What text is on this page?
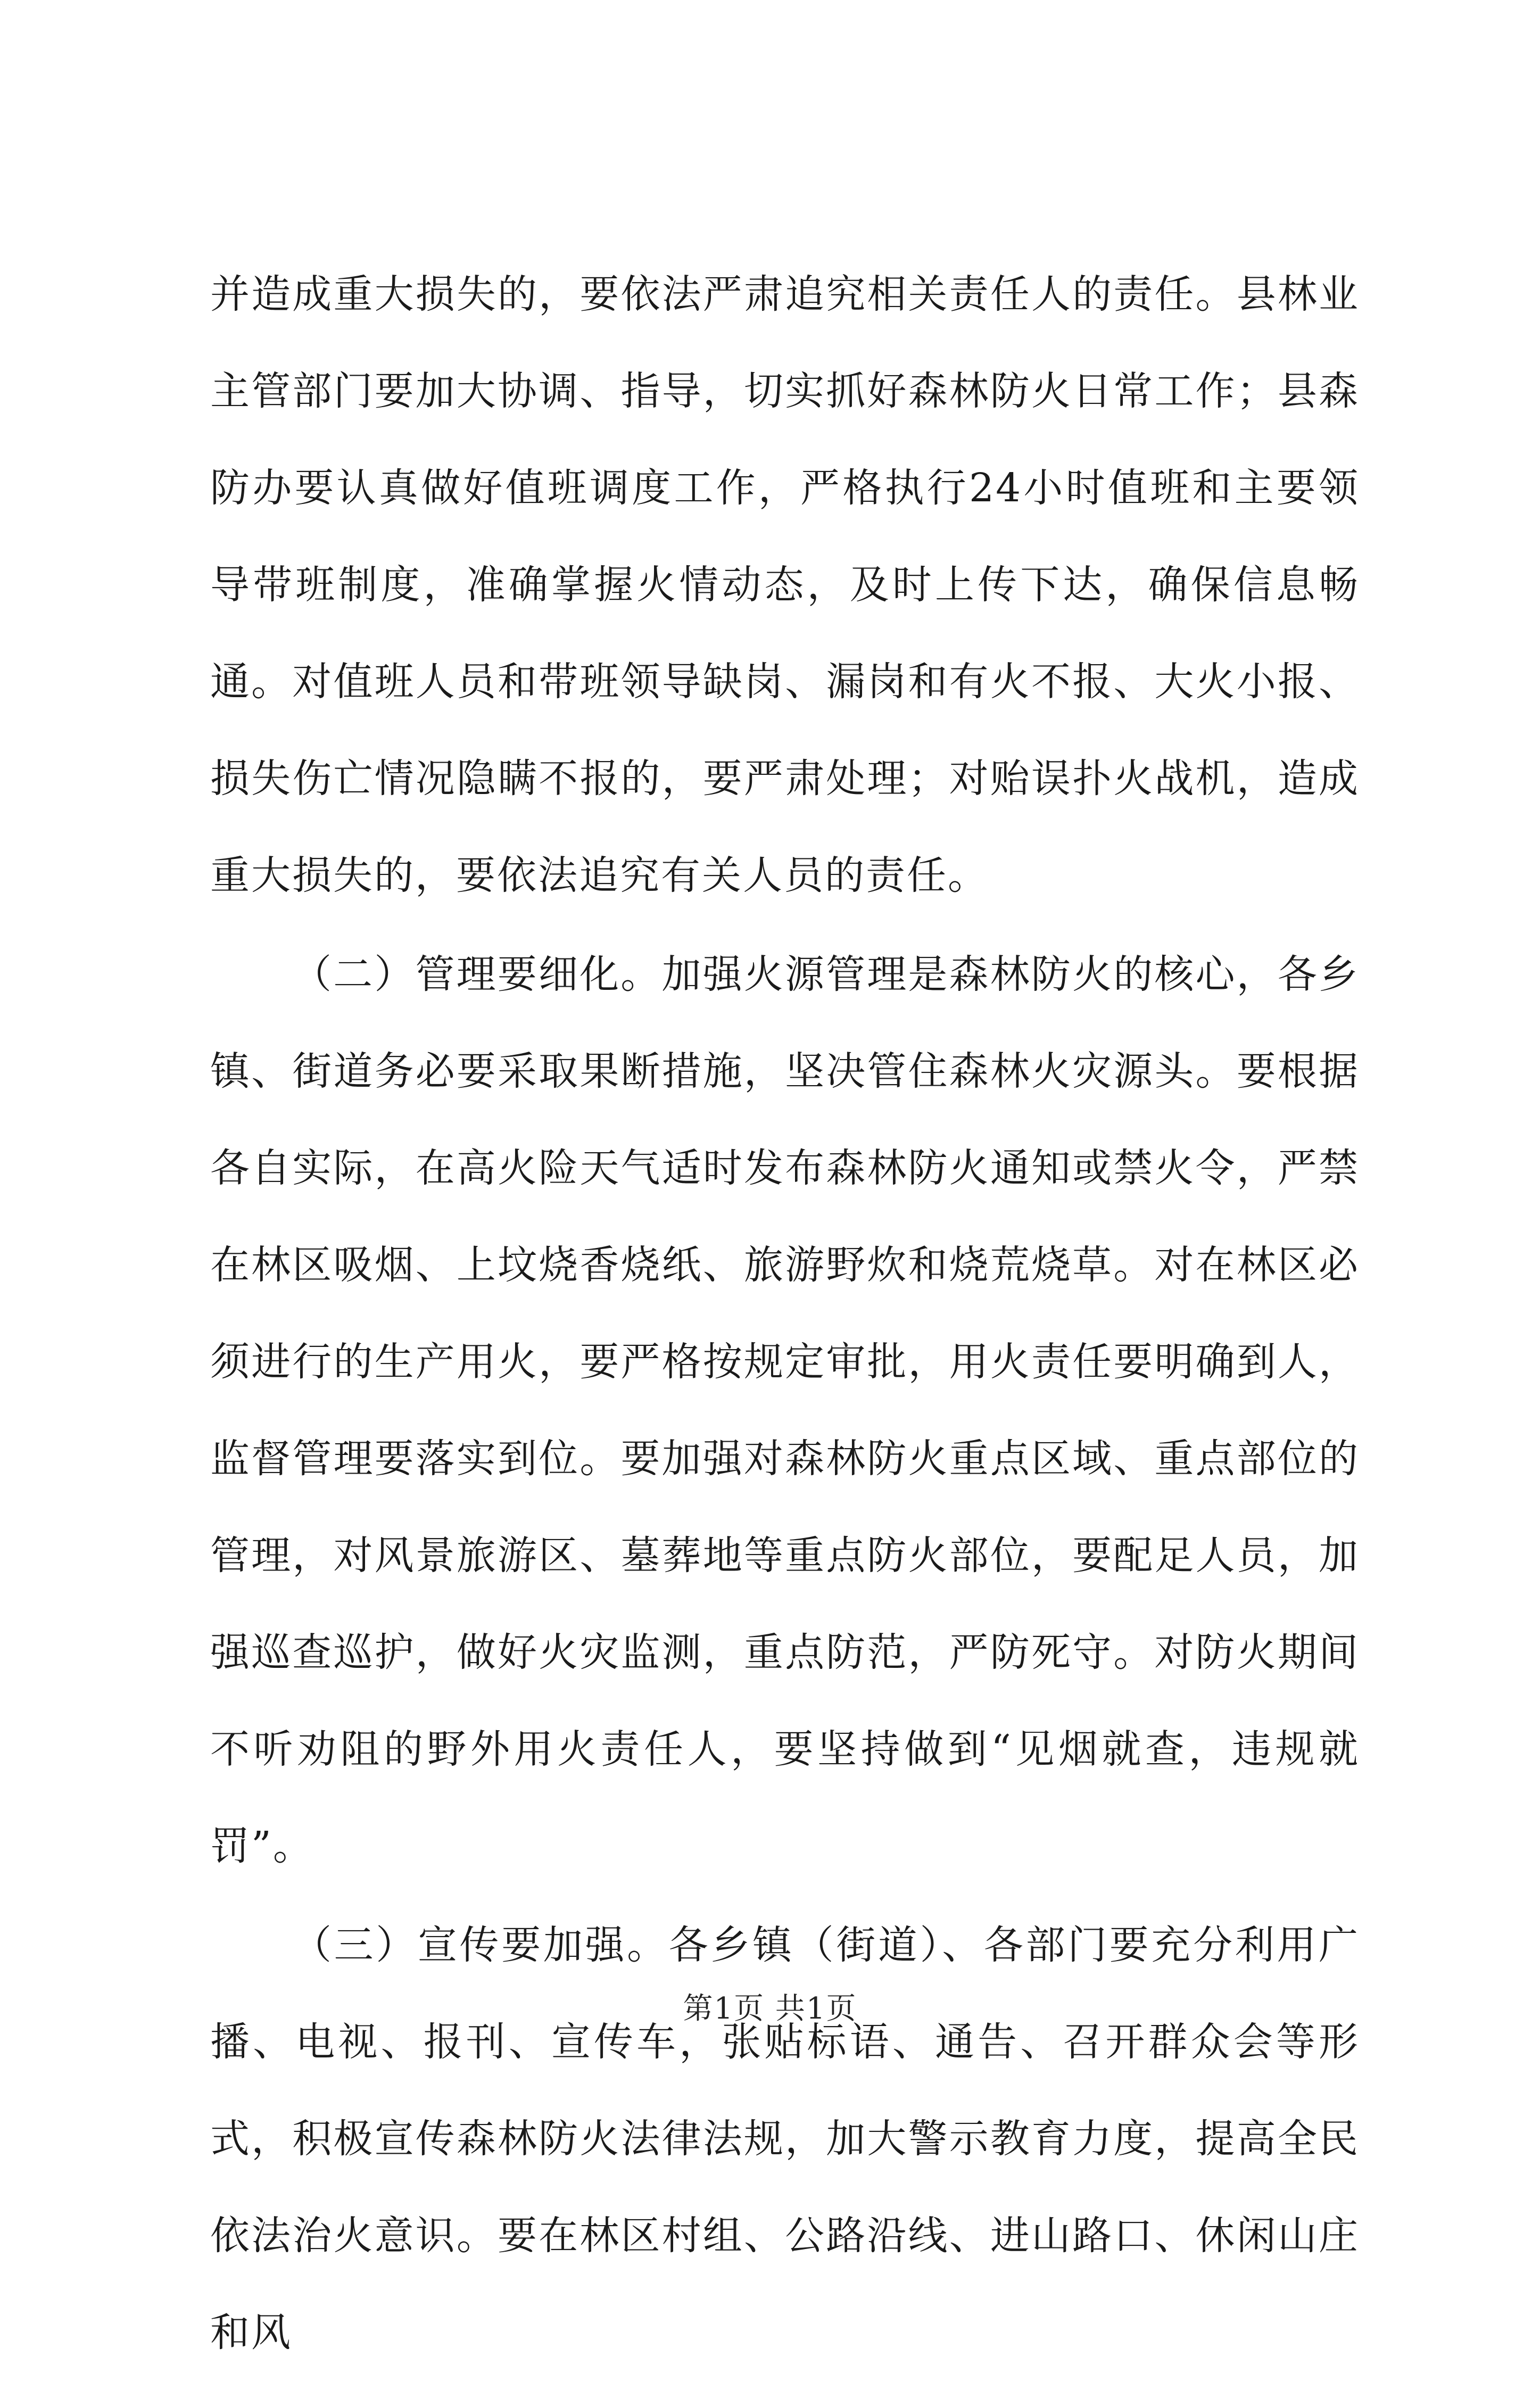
并造成重大损失的，要依法严肃追究相关责任人的责任。县林业主管部门要加大协调、指导，切实抓好森林防火日常工作；县森防办要认真做好值班调度工作，严格执行24小时值班和主要领导带班制度，准确掌握火情动态，及时上传下达，确保信息畅通。对值班人员和带班领导缺岗、漏岗和有火不报、大火小报、损失伤亡情况隐瞒不报的，要严肃处理；对贻误扑火战机，造成重大损失的，要依法追究有关人员的责任。

（二）管理要细化。加强火源管理是森林防火的核心，各乡镇、街道务必要采取果断措施，坚决管住森林火灾源头。要根据各自实际，在高火险天气适时发布森林防火通知或禁火令，严禁在林区吸烟、上坟烧香烧纸、旅游野炊和烧荒烧草。对在林区必须进行的生产用火，要严格按规定审批，用火责任要明确到人，监督管理要落实到位。要加强对森林防火重点区域、重点部位的管理，对风景旅游区、墓葬地等重点防火部位，要配足人员，加强巡查巡护，做好火灾监测，重点防范，严防死守。对防火期间不听劝阻的野外用火责任人，要坚持做到“见烟就查，违规就罚”。

（三）宣传要加强。各乡镇（街道）、各部门要充分利用广播、电视、报刊、宣传车，张贴标语、通告、召开群众会等形式，积极宣传森林防火法律法规，加大警示教育力度，提高全民依法治火意识。要在林区村组、公路沿线、进山路口、休闲山庄和风

第1页 共1页
